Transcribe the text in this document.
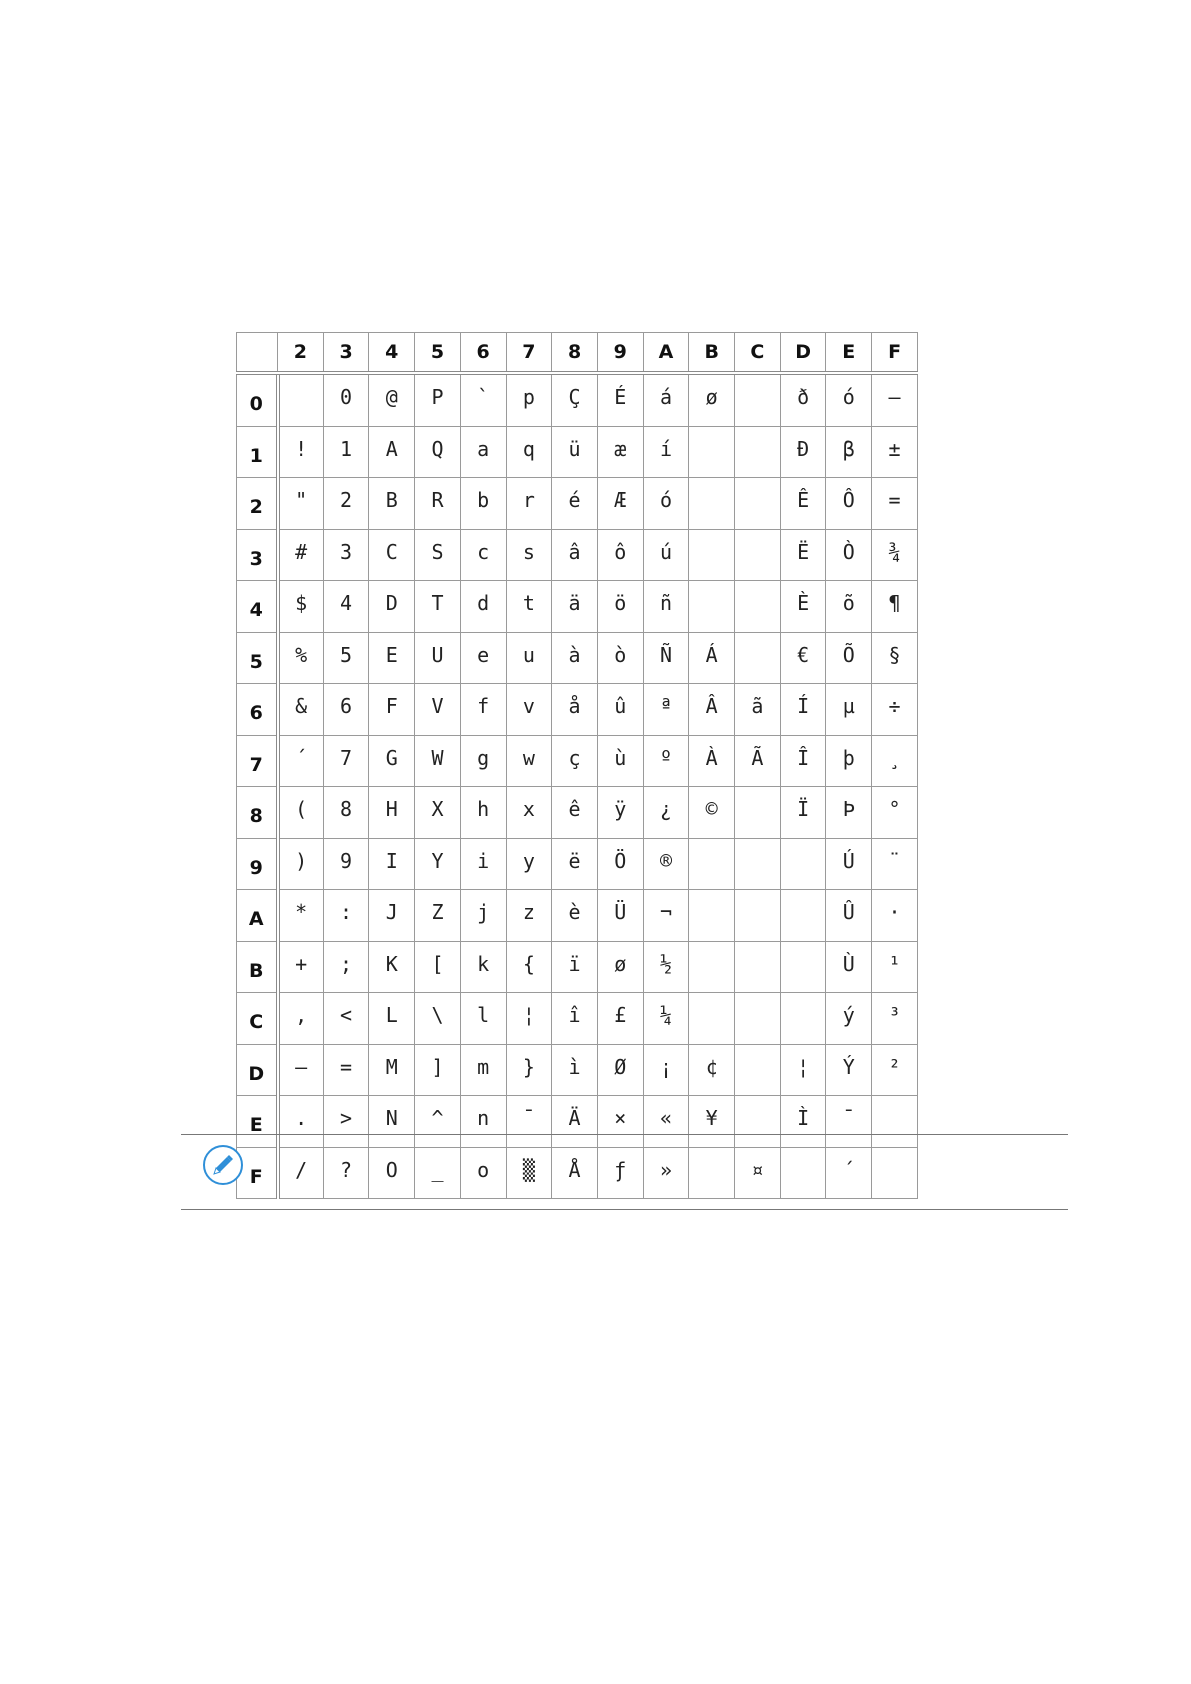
	2	3	4	5	6	7	8	9	A	B	C	D	E	F
0		0	@	P	`	p	Ç	É	á	ø		ð	ó	–
1	!	1	A	Q	a	q	ü	æ	í			Đ	β	±
2	"	2	B	R	b	r	é	Æ	ó			Ê	Ô	=
3	#	3	C	S	c	s	â	ô	ú			Ë	Ò	¾
4	$	4	D	T	d	t	ä	ö	ñ			È	õ	¶
5	%	5	E	U	e	u	à	ò	Ñ	Á		€	Õ	§
6	&	6	F	V	f	v	å	û	ª	Â	ã	Í	µ	÷
7	´	7	G	W	g	w	ç	ù	º	À	Ã	Î	þ	¸
8	(	8	H	X	h	x	ê	ÿ	¿	©		Ï	Þ	°
9	)	9	I	Y	i	y	ë	Ö	®				Ú	¨
A	*	:	J	Z	j	z	è	Ü	¬				Û	·
B	+	;	K	[	k	{	ï	ø	½				Ù	¹
C	,	<	L	\	l	¦	î	£	¼				ý	³
D	–	=	M	]	m	}	ì	Ø	¡	¢		¦	Ý	²
E	.	>	N	^	n	¯	Ä	×	«	¥		Ì	¯	
F	/	?	O	_	o	▒	Å	ƒ	»		¤		´	
